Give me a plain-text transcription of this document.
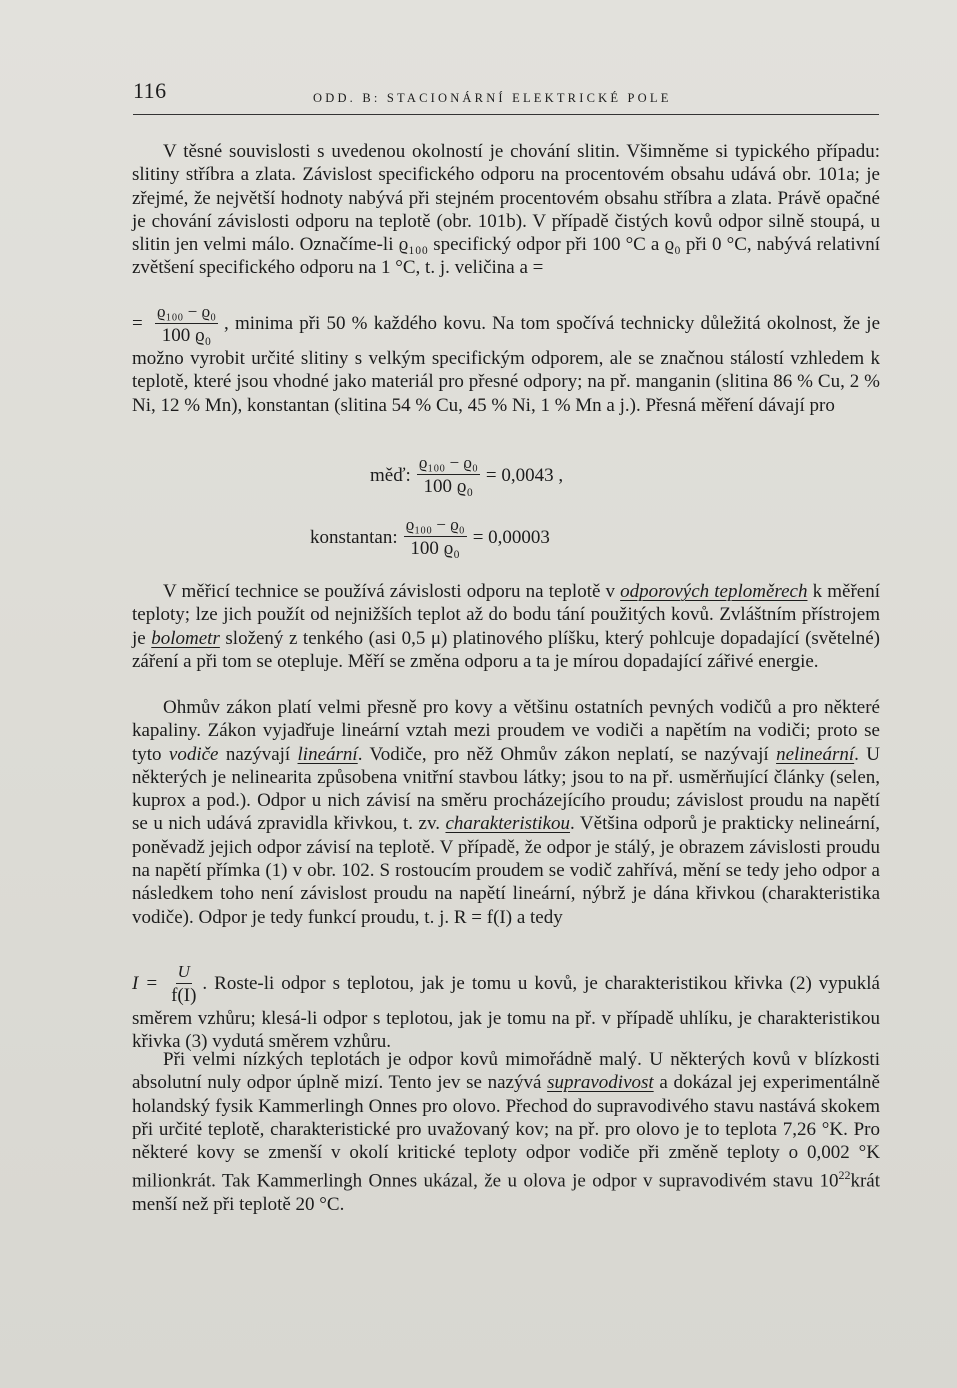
116	ODD. B: STACIONÁRNÍ ELEKTRICKÉ POLE

V těsné souvislosti s uvedenou okolností je chování slitin. Všimněme si typického případu: slitiny stříbra a zlata. Závislost specifického odporu na procentovém obsahu udává obr. 101a; je zřejmé, že největší hodnoty nabývá při stejném procentovém obsahu stříbra a zlata. Právě opačné je chování závislosti odporu na teplotě (obr. 101b). V případě čistých kovů odpor silně stoupá, u slitin jen velmi málo. Označíme-li ϱ₁₀₀ specifický odpor při 100 °C a ϱ₀ při 0 °C, nabývá relativní zvětšení specifického odporu na 1 °C, t. j. veličina a =

= $\frac{\text{ϱ₁₀₀ − ϱ₀}}{\text{100 ϱ₀}}$ , minima při 50 % každého kovu. Na tom spočívá technicky důležitá okolnost, že je možno vyrobit určité slitiny s velkým specifickým odporem, ale se značnou stálostí vzhledem k teplotě, které jsou vhodné jako materiál pro přesné odpory; na př. manganin (slitina 86 % Cu, 2 % Ni, 12 % Mn), konstantan (slitina 54 % Cu, 45 % Ni, 1 % Mn a j.). Přesná měření dávají pro

měď: $\frac{\text{ϱ₁₀₀ − ϱ₀}}{\text{100 ϱ₀}} = 0,0043$ ,
konstantan: $\frac{\text{ϱ₁₀₀ − ϱ₀}}{\text{100 ϱ₀}} = 0,00003$

V měřicí technice se používá závislosti odporu na teplotě v odporových teploměrech k měření teploty; lze jich použít od nejnižších teplot až do bodu tání použitých kovů. Zvláštním přístrojem je bolometr složený z tenkého (asi 0,5 μ) platinového plíšku, který pohlcuje dopadající (světelné) záření a při tom se otepluje. Měří se změna odporu a ta je mírou dopadající zářivé energie.

Ohmův zákon platí velmi přesně pro kovy a většinu ostatních pevných vodičů a pro některé kapaliny. Zákon vyjadřuje lineární vztah mezi proudem ve vodiči a napětím na vodiči; proto se tyto vodiče nazývají lineární. Vodiče, pro něž Ohmův zákon neplatí, se nazývají nelineární. U některých je nelinearita způsobena vnitřní stavbou látky; jsou to na př. usměrňující články (selen, kuprox a pod.). Odpor u nich závisí na směru procházejícího proudu; závislost proudu na napětí se u nich udává zpravidla křivkou, t. zv. charakteristikou. Většina odporů je prakticky nelineární, poněvadž jejich odpor závisí na teplotě. V případě, že odpor je stálý, je obrazem závislosti proudu na napětí přímka (1) v obr. 102. S rostoucím proudem se vodič zahřívá, mění se tedy jeho odpor a následkem toho není závislost proudu na napětí lineární, nýbrž je dána křivkou (charakteristika vodiče). Odpor je tedy funkcí proudu, t. j. R = f(I) a tedy

$I = \frac{U}{f(I)}$ . Roste-li odpor s teplotou, jak je tomu u kovů, je charakteristikou křivka (2) vypuklá směrem vzhůru; klesá-li odpor s teplotou, jak je tomu na př. v případě uhlíku, je charakteristikou křivka (3) vydutá směrem vzhůru.

Při velmi nízkých teplotách je odpor kovů mimořádně malý. U některých kovů v blízkosti absolutní nuly odpor úplně mizí. Tento jev se nazývá supravodivost a dokázal jej experimentálně holandský fysik Kammerlingh Onnes pro olovo. Přechod do supravodivého stavu nastává skokem při určité teplotě, charakteristické pro uvažovaný kov; na př. pro olovo je to teplota 7,26 °K. Pro některé kovy se zmenší v okolí kritické teploty odpor vodiče při změně teploty o 0,002 °K milionkrát. Tak Kammerlingh Onnes ukázal, že u olova je odpor v supravodivém stavu $10^{22}krát$ menší než při teplotě 20 °C.
